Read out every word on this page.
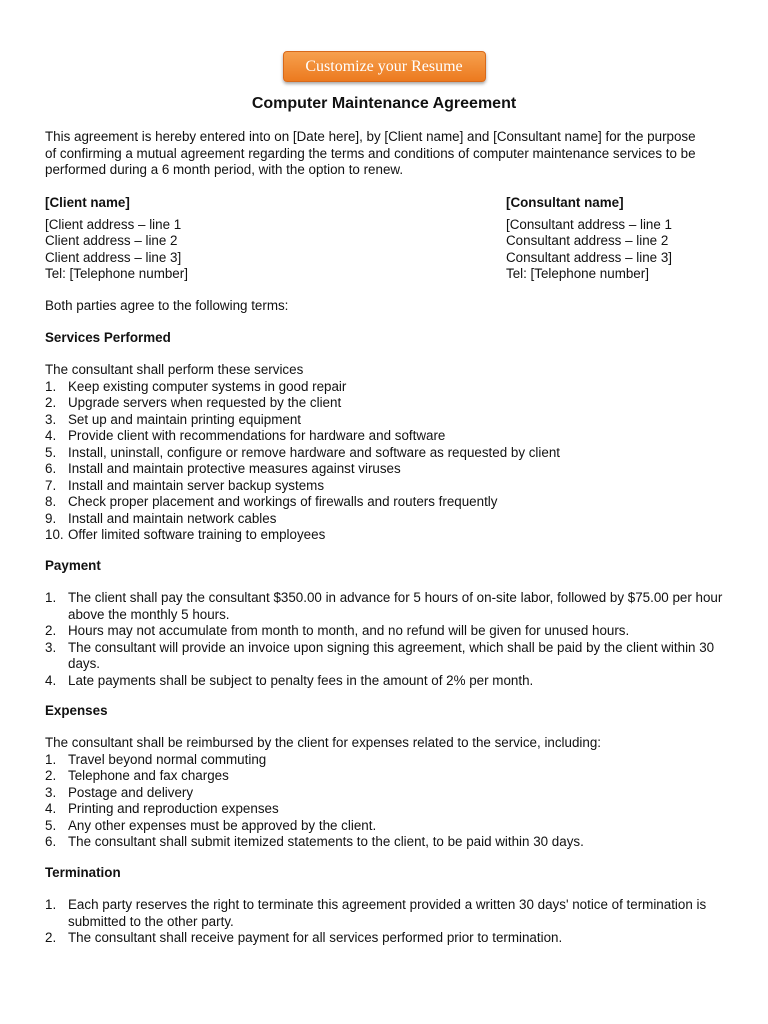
Customize your Resume
Computer Maintenance Agreement

This agreement is hereby entered into on [Date here], by [Client name] and [Consultant name] for the purpose

of confirming a mutual agreement regarding the terms and conditions of computer maintenance services to be

performed during a 6 month period, with the option to renew.

[Client name]

[Client address – line 1

Client address – line 2

Client address – line 3]

Tel: [Telephone number]

[Consultant name]

[Consultant address – line 1

Consultant address – line 2

Consultant address – line 3]

Tel: [Telephone number]

Both parties agree to the following terms:

Services Performed

The consultant shall perform these services

1. Keep existing computer systems in good repair
2. Upgrade servers when requested by the client
3. Set up and maintain printing equipment
4. Provide client with recommendations for hardware and software
5. Install, uninstall, configure or remove hardware and software as requested by client
6. Install and maintain protective measures against viruses
7. Install and maintain server backup systems
8. Check proper placement and workings of firewalls and routers frequently
9. Install and maintain network cables
10. Offer limited software training to employees

Payment

1. The client shall pay the consultant $350.00 in advance for 5 hours of on-site labor, followed by $75.00 per hour above the monthly 5 hours.
2. Hours may not accumulate from month to month, and no refund will be given for unused hours.
3. The consultant will provide an invoice upon signing this agreement, which shall be paid by the client within 30 days.
4. Late payments shall be subject to penalty fees in the amount of 2% per month.

Expenses

The consultant shall be reimbursed by the client for expenses related to the service, including:

1. Travel beyond normal commuting
2. Telephone and fax charges
3. Postage and delivery
4. Printing and reproduction expenses
5. Any other expenses must be approved by the client.
6. The consultant shall submit itemized statements to the client, to be paid within 30 days.

Termination

1. Each party reserves the right to terminate this agreement provided a written 30 days' notice of termination is submitted to the other party.
2. The consultant shall receive payment for all services performed prior to termination.
